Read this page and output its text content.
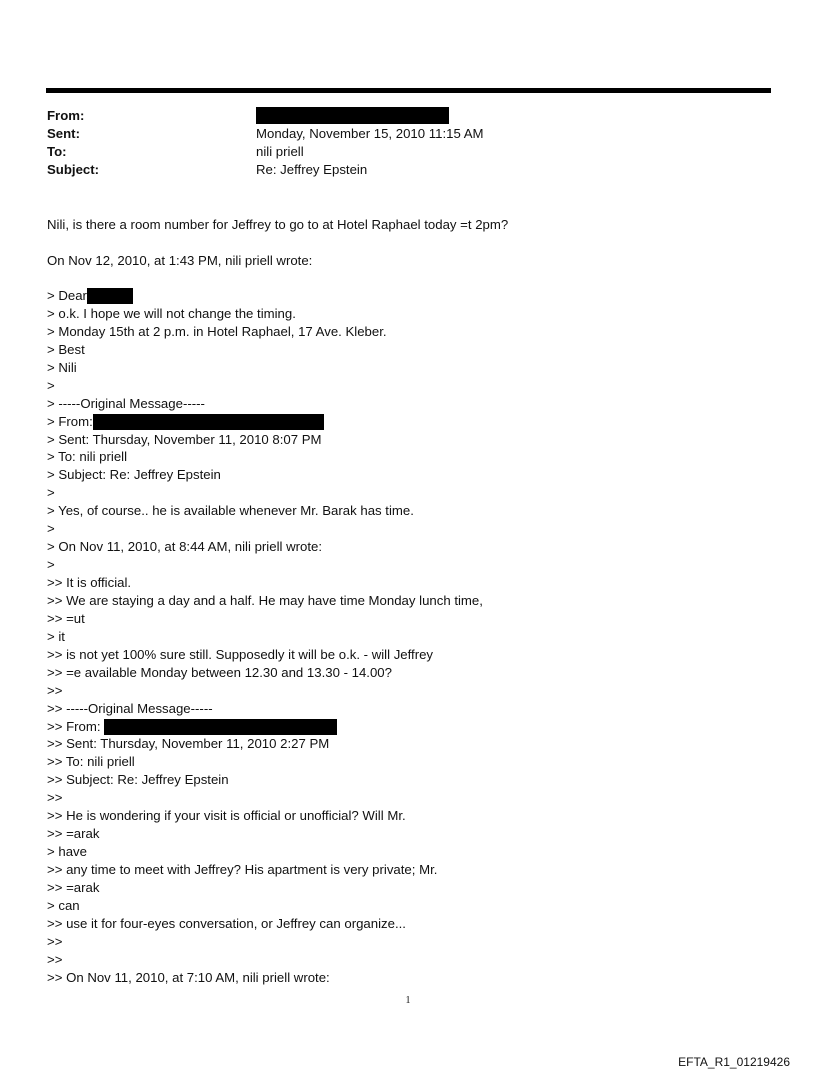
From:
Sent:	Monday, November 15, 2010 11:15 AM
To:	nili priell
Subject:	Re: Jeffrey Epstein
Nili, is there a room number for Jeffrey to go to at Hotel Raphael today =t 2pm?
On Nov 12, 2010, at 1:43 PM, nili priell wrote:
> Dear
> o.k. I hope we will not change the timing.
> Monday 15th at 2 p.m. in Hotel Raphael, 17 Ave. Kleber.
> Best
> Nili
>
> -----Original Message-----
> From:
> Sent: Thursday, November 11, 2010 8:07 PM
> To: nili priell
> Subject: Re: Jeffrey Epstein
>
> Yes, of course.. he is available whenever Mr. Barak has time.
>
> On Nov 11, 2010, at 8:44 AM, nili priell wrote:
>
>> It is official.
>> We are staying a day and a half. He may have time Monday lunch time,
>> =ut
> it
>> is not yet 100% sure still. Supposedly it will be o.k. - will Jeffrey
>> =e available Monday between 12.30 and 13.30 - 14.00?
>>
>> -----Original Message-----
>> From:
>> Sent: Thursday, November 11, 2010 2:27 PM
>> To: nili priell
>> Subject: Re: Jeffrey Epstein
>>
>> He is wondering if your visit is official or unofficial? Will Mr.
>> =arak
> have
>> any time to meet with Jeffrey? His apartment is very private; Mr.
>> =arak
> can
>> use it for four-eyes conversation, or Jeffrey can organize...
>>
>>
>> On Nov 11, 2010, at 7:10 AM, nili priell wrote:
1
EFTA_R1_01219426
